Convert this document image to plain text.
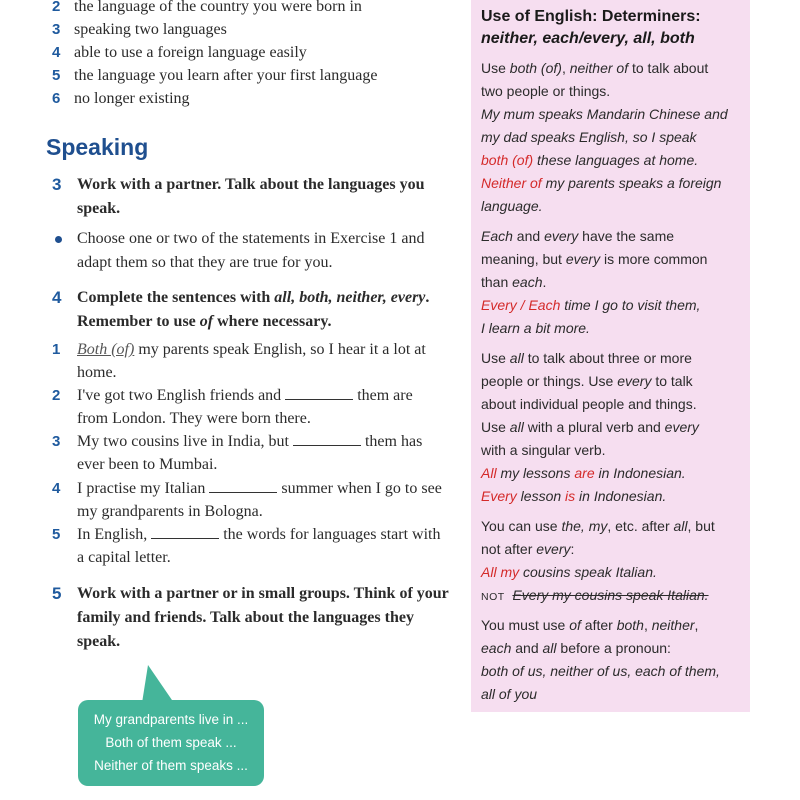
2 the language of the country you were born in
3 speaking two languages
4 able to use a foreign language easily
5 the language you learn after your first language
6 no longer existing
Speaking
3 Work with a partner. Talk about the languages you speak.
Choose one or two of the statements in Exercise 1 and adapt them so that they are true for you.
4 Complete the sentences with all, both, neither, every. Remember to use of where necessary.
1 Both (of) my parents speak English, so I hear it a lot at home.
2 I've got two English friends and	them are from London. They were born there.
3 My two cousins live in India, but	them has ever been to Mumbai.
4 I practise my Italian	summer when I go to see my grandparents in Bologna.
5 In English,	the words for languages start with a capital letter.
5 Work with a partner or in small groups. Think of your family and friends. Talk about the languages they speak.
My grandparents live in ...
Both of them speak ...
Neither of them speaks ...
Use of English: Determiners:
neither, each/every, all, both
Use both (of), neither of to talk about
two people or things.
My mum speaks Mandarin Chinese and
my dad speaks English, so I speak
both (of) these languages at home.
Neither of my parents speaks a foreign
language.
Each and every have the same
meaning, but every is more common
than each.
Every / Each time I go to visit them,
I learn a bit more.
Use all to talk about three or more
people or things. Use every to talk
about individual people and things.
Use all with a plural verb and every
with a singular verb.
All my lessons are in Indonesian.
Every lesson is in Indonesian.
You can use the, my, etc. after all, but
not after every:
All my cousins speak Italian.
NOT Every my cousins speak Italian.
You must use of after both, neither,
each and all before a pronoun:
both of us, neither of us, each of them,
all of you
